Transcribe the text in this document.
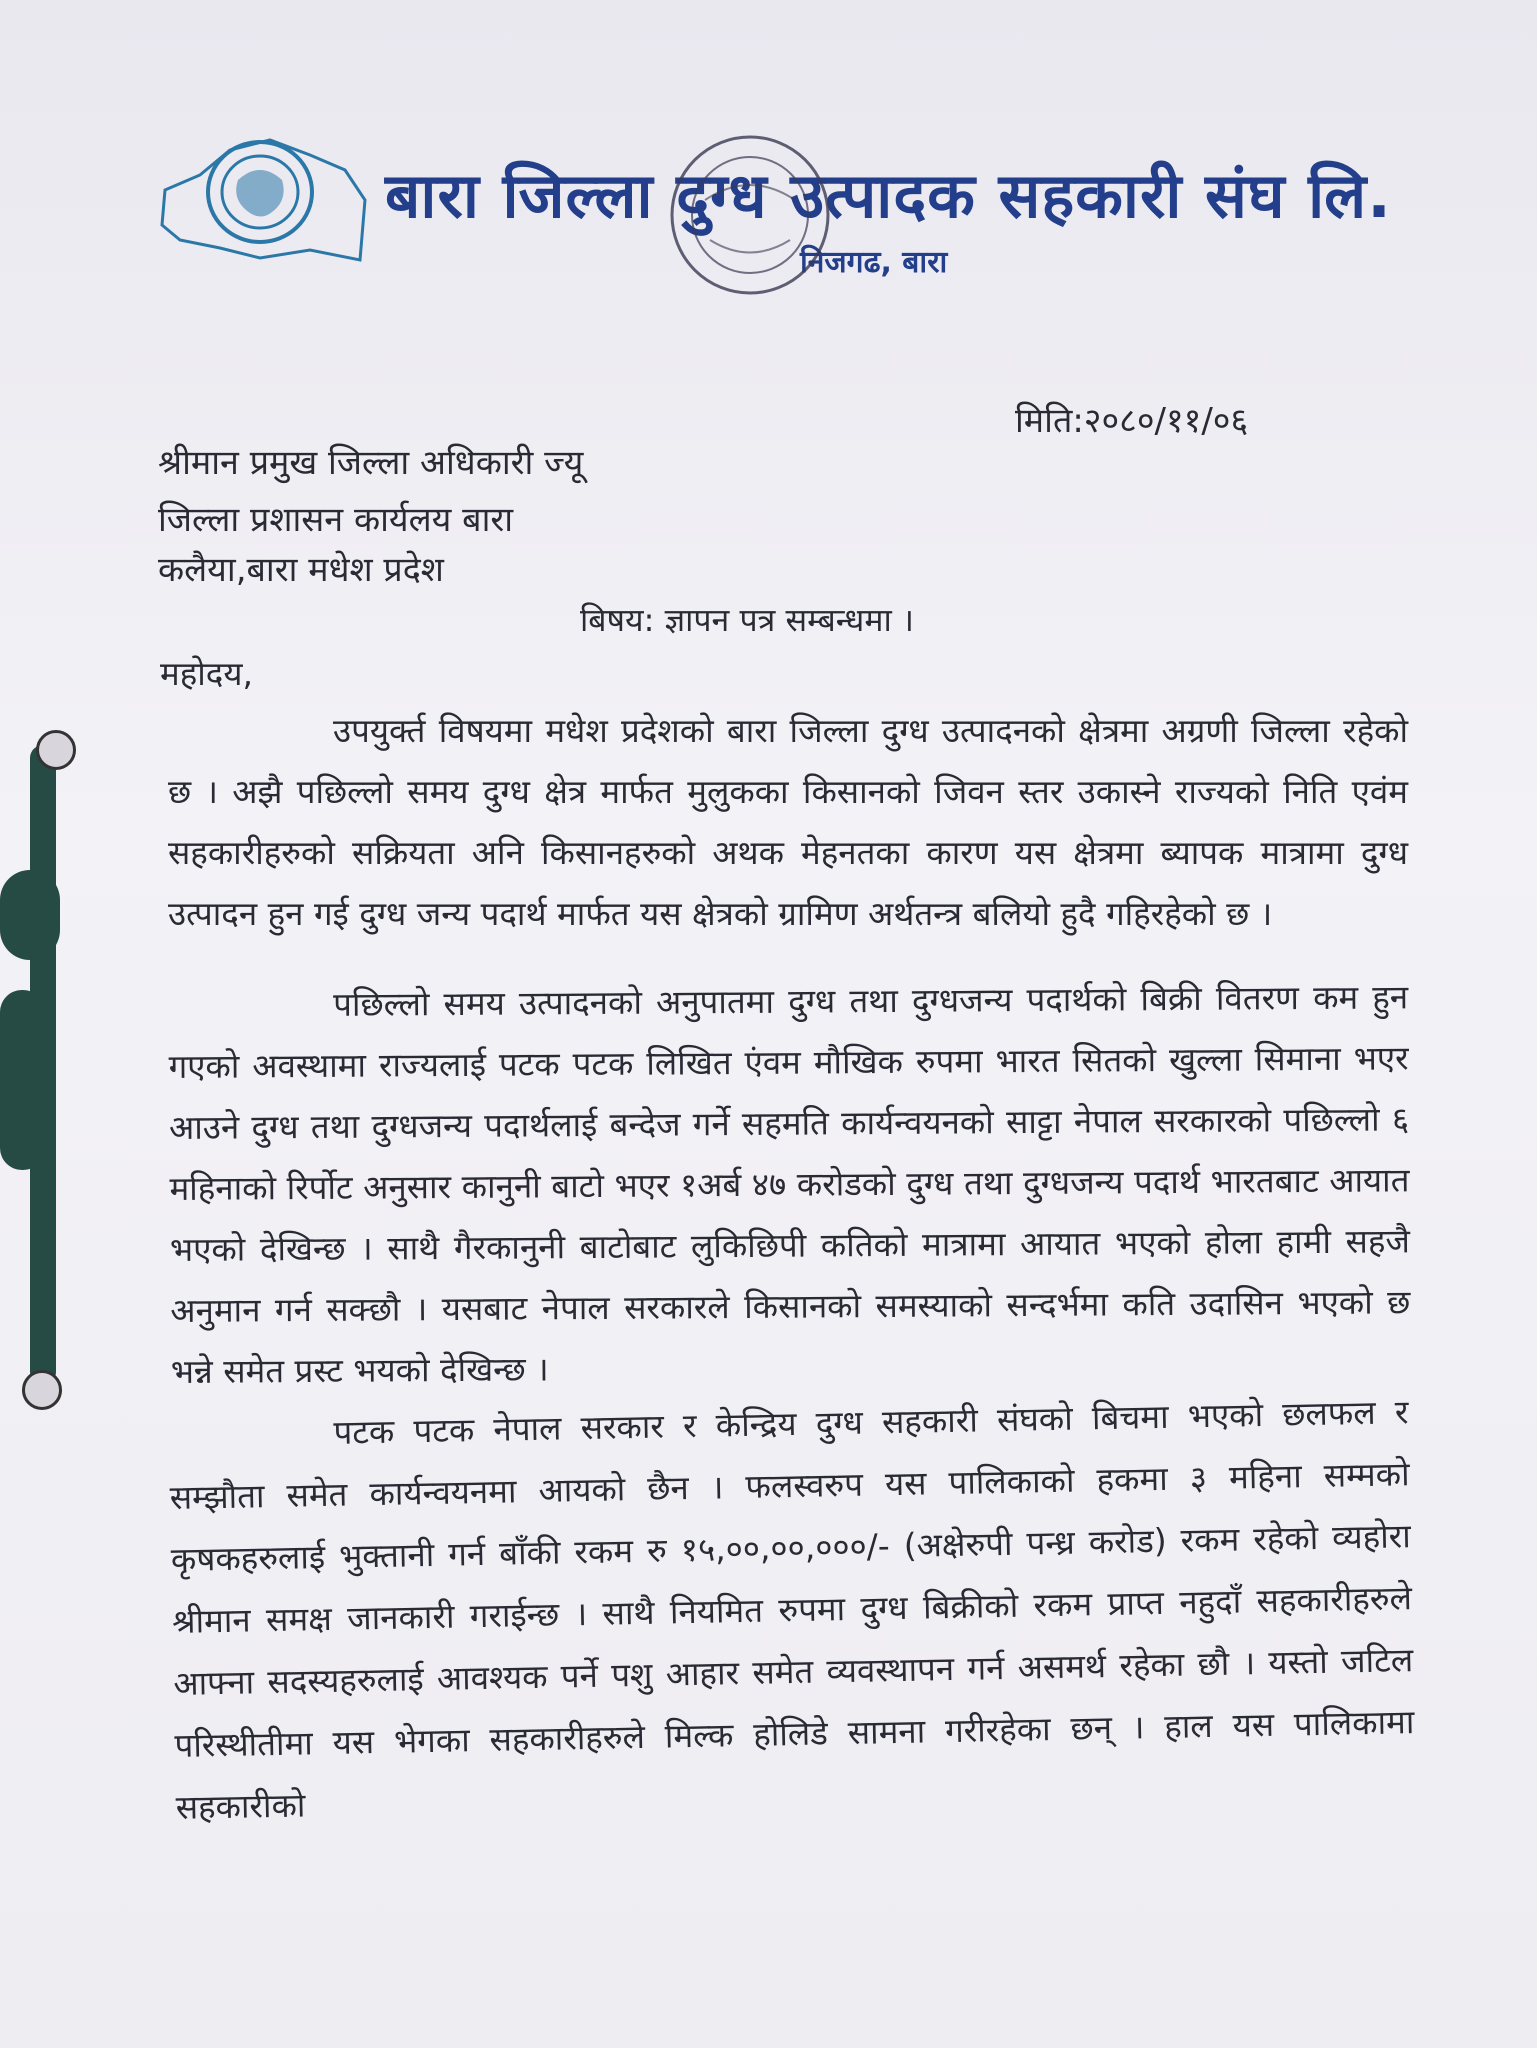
बारा जिल्ला दुग्ध उत्पादक सहकारी संघ लि.
निजगढ, बारा
मिति:२०८०/११/०६
श्रीमान प्रमुख जिल्ला अधिकारी ज्यू
जिल्ला प्रशासन कार्यलय बारा
कलैया,बारा मधेश प्रदेश
बिषय: ज्ञापन पत्र सम्बन्धमा ।
महोदय,
उपयुर्क्त विषयमा मधेश प्रदेशको बारा जिल्ला दुग्ध उत्पादनको क्षेत्रमा अग्रणी जिल्ला रहेको छ । अझै पछिल्लो समय दुग्ध क्षेत्र मार्फत मुलुकका किसानको जिवन स्तर उकास्ने राज्यको निति एवंम सहकारीहरुको सक्रियता अनि किसानहरुको अथक मेहनतका कारण यस क्षेत्रमा ब्यापक मात्रामा दुग्ध उत्पादन हुन गई दुग्ध जन्य पदार्थ मार्फत यस क्षेत्रको ग्रामिण अर्थतन्त्र बलियो हुदै गहिरहेको छ ।
पछिल्लो समय उत्पादनको अनुपातमा दुग्ध तथा दुग्धजन्य पदार्थको बिक्री वितरण कम हुन गएको अवस्थामा राज्यलाई पटक पटक लिखित एंवम मौखिक रुपमा भारत सितको खुल्ला सिमाना भएर आउने दुग्ध तथा दुग्धजन्य पदार्थलाई बन्देज गर्ने सहमति कार्यन्वयनको साट्टा नेपाल सरकारको पछिल्लो ६ महिनाको रिर्पोट अनुसार कानुनी बाटो भएर १अर्ब ४७ करोडको दुग्ध तथा दुग्धजन्य पदार्थ भारतबाट आयात भएको देखिन्छ । साथै गैरकानुनी बाटोबाट लुकिछिपी कतिको मात्रामा आयात भएको होला हामी सहजै अनुमान गर्न सक्छौ । यसबाट नेपाल सरकारले किसानको समस्याको सन्दर्भमा कति उदासिन भएको छ भन्ने समेत प्रस्ट भयको देखिन्छ ।
पटक पटक नेपाल सरकार र केन्द्रिय दुग्ध सहकारी संघको बिचमा भएको छलफल र सम्झौता समेत कार्यन्वयनमा आयको छैन । फलस्वरुप यस पालिकाको हकमा ३ महिना सम्मको कृषकहरुलाई भुक्तानी गर्न बाँकी रकम रु १५,००,००,०००/- (अक्षेरुपी पन्ध्र करोड) रकम रहेको व्यहोरा श्रीमान समक्ष जानकारी गराईन्छ । साथै नियमित रुपमा दुग्ध बिक्रीको रकम प्राप्त नहुदाँ सहकारीहरुले आफ्ना सदस्यहरुलाई आवश्यक पर्ने पशु आहार समेत व्यवस्थापन गर्न असमर्थ रहेका छौ । यस्तो जटिल परिस्थीतीमा यस भेगका सहकारीहरुले मिल्क होलिडे सामना गरीरहेका छन् । हाल यस पालिकामा सहकारीको
